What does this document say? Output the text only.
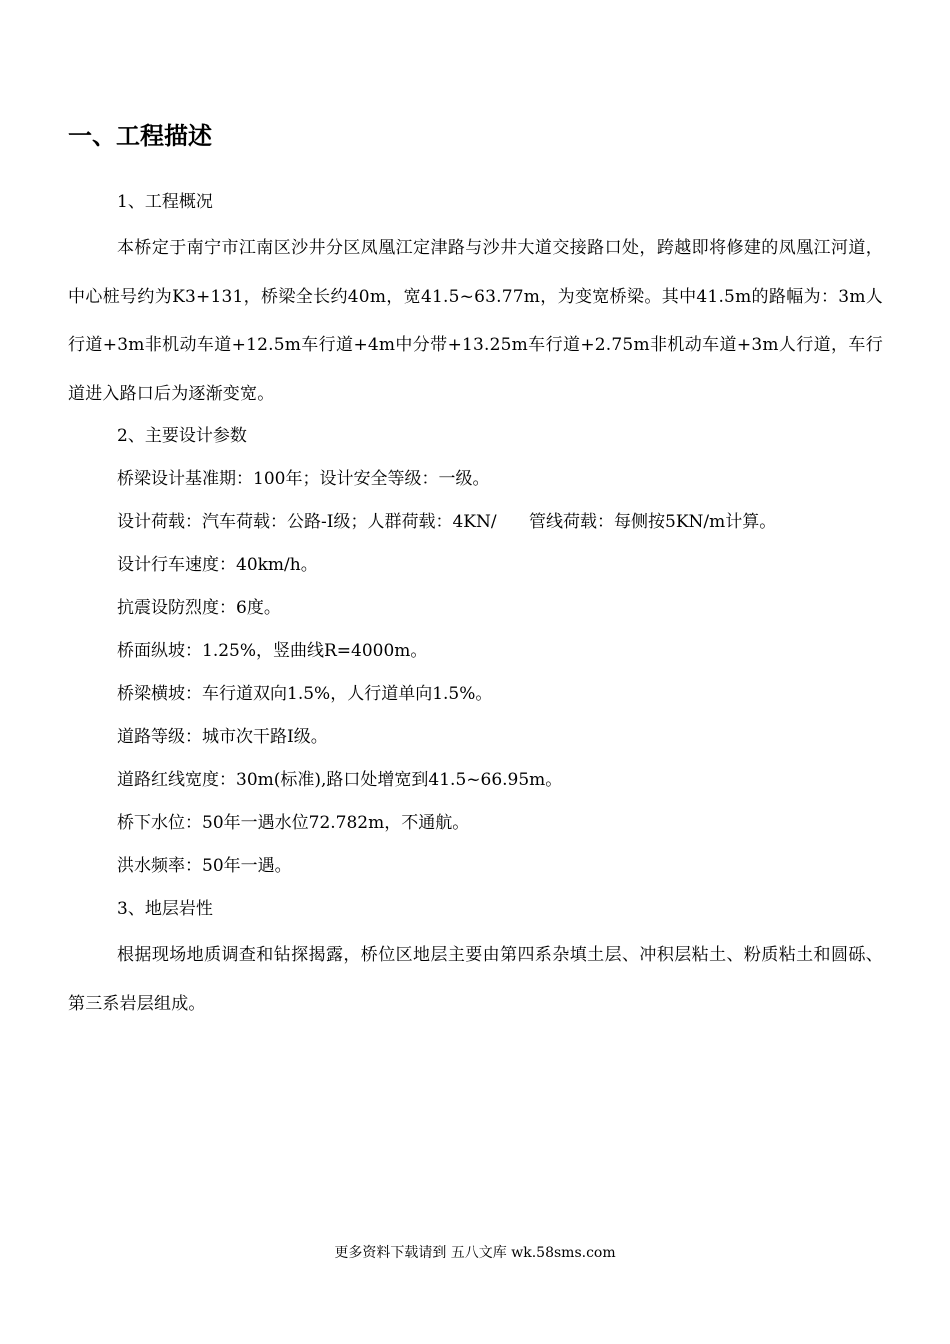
一、工程描述

1、工程概况

本桥定于南宁市江南区沙井分区凤凰江定津路与沙井大道交接路口处，跨越即将修建的凤凰江河道，中心桩号约为K3+131，桥梁全长约40m，宽41.5~63.77m，为变宽桥梁。其中41.5m的路幅为：3m人行道+3m非机动车道+12.5m车行道+4m中分带+13.25m车行道+2.75m非机动车道+3m人行道，车行道进入路口后为逐渐变宽。

2、主要设计参数

桥梁设计基准期：100年；设计安全等级：一级。

设计荷载：汽车荷载：公路-I级；人群荷载：4KN/      管线荷载：每侧按5KN/m计算。

设计行车速度：40km/h。

抗震设防烈度：6度。

桥面纵坡：1.25%，竖曲线R=4000m。

桥梁横坡：车行道双向1.5%，人行道单向1.5%。

道路等级：城市次干路Ⅰ级。

道路红线宽度：30m(标准),路口处增宽到41.5~66.95m。

桥下水位：50年一遇水位72.782m，不通航。

洪水频率：50年一遇。

3、地层岩性

根据现场地质调查和钻探揭露，桥位区地层主要由第四系杂填土层、冲积层粘土、粉质粘土和圆砾、第三系岩层组成。

更多资料下载请到 五八文库 wk.58sms.com
